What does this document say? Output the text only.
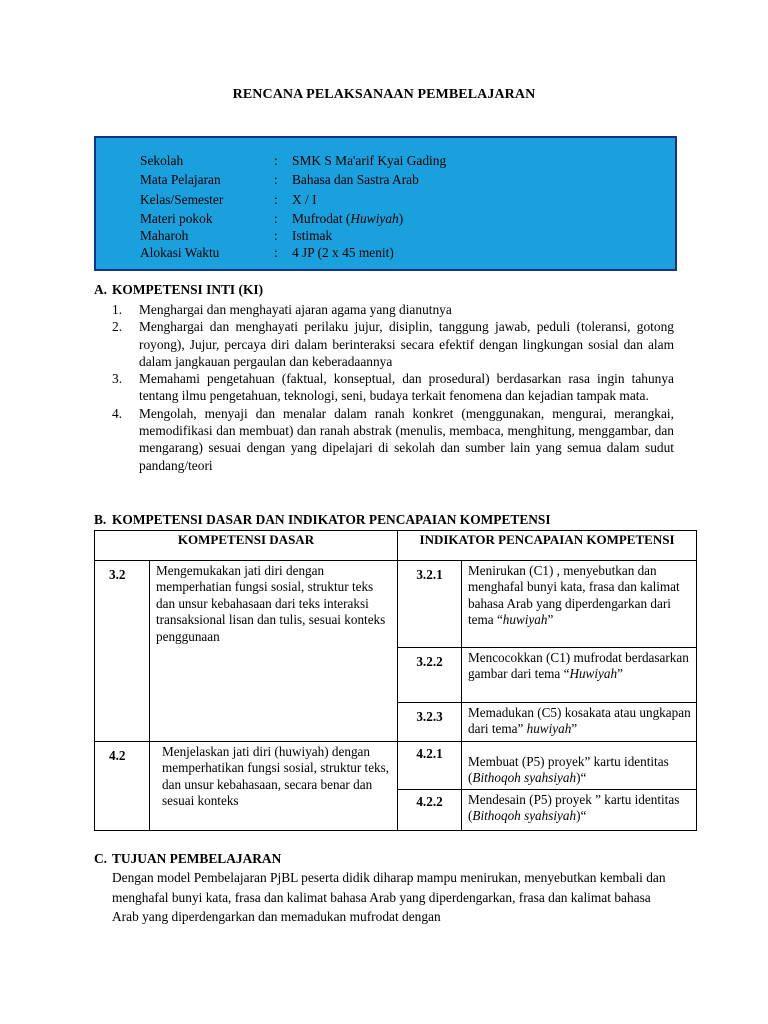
RENCANA PELAKSANAAN PEMBELAJARAN
Sekolah	: SMK S Ma'arif Kyai Gading
Mata Pelajaran	: Bahasa dan Sastra Arab
Kelas/Semester	: X / I
Materi pokok	: Mufrodat (Huwiyah)
Maharoh	: Istimak
Alokasi Waktu	: 4 JP (2 x 45 menit)
A. KOMPETENSI INTI (KI)
1. Menghargai dan menghayati ajaran agama yang dianutnya
2. Menghargai dan menghayati perilaku jujur, disiplin, tanggung jawab, peduli (toleransi, gotong royong), Jujur, percaya diri dalam berinteraksi secara efektif dengan lingkungan sosial dan alam dalam jangkauan pergaulan dan keberadaannya
3. Memahami pengetahuan (faktual, konseptual, dan prosedural) berdasarkan rasa ingin tahunya tentang ilmu pengetahuan, teknologi, seni, budaya terkait fenomena dan kejadian tampak mata.
4. Mengolah, menyaji dan menalar dalam ranah konkret (menggunakan, mengurai, merangkai, memodifikasi dan membuat) dan ranah abstrak (menulis, membaca, menghitung, menggambar, dan mengarang) sesuai dengan yang dipelajari di sekolah dan sumber lain yang semua dalam sudut pandang/teori
B. KOMPETENSI DASAR DAN INDIKATOR PENCAPAIAN KOMPETENSI
KOMPETENSI DASAR		INDIKATOR PENCAPAIAN KOMPETENSI	
3.2	Mengemukakan jati diri dengan memperhatian fungsi sosial, struktur teks dan unsur kebahasaan dari teks interaksi transaksional lisan dan tulis, sesuai konteks penggunaan	3.2.1	Menirukan (C1) , menyebutkan dan menghafal bunyi kata, frasa dan kalimat bahasa Arab yang diperdengarkan dari tema “huwiyah”
		3.2.2	Mencocokkan (C1) mufrodat berdasarkan gambar dari tema “Huwiyah”
		3.2.3	Memadukan (C5) kosakata atau ungkapan dari tema” huwiyah”
4.2	Menjelaskan jati diri (huwiyah) dengan memperhatikan fungsi sosial, struktur teks, dan unsur kebahasaan, secara benar dan sesuai konteks	4.2.1	Membuat (P5) proyek” kartu identitas (Bithoqoh syahsiyah)“
		4.2.2	Mendesain (P5) proyek ” kartu identitas (Bithoqoh syahsiyah)“
C. TUJUAN PEMBELAJARAN
Dengan model Pembelajaran PjBL peserta didik diharap mampu menirukan, menyebutkan kembali dan menghafal bunyi kata, frasa dan kalimat bahasa Arab yang diperdengarkan, frasa dan kalimat bahasa Arab yang diperdengarkan dan memadukan mufrodat dengan
